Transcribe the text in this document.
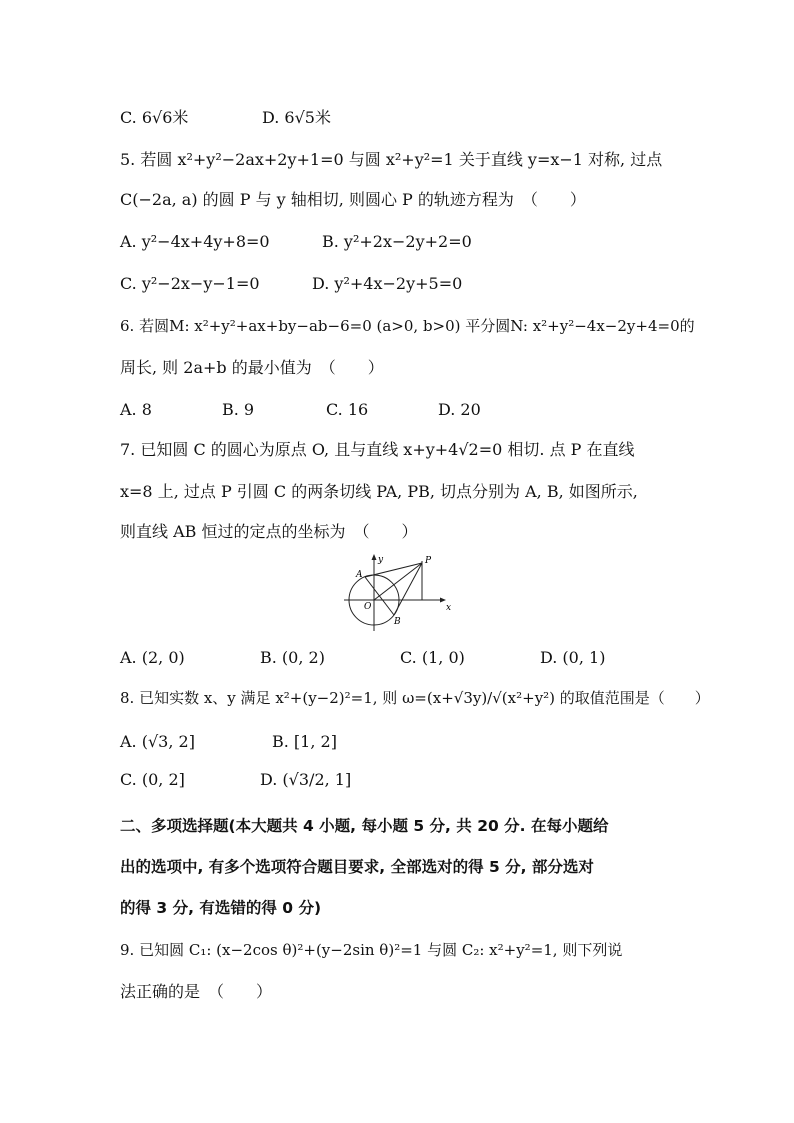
C. 6√6米	D. 6√5米
5. 若圆 x²+y²−2ax+2y+1=0 与圆 x²+y²=1 关于直线 y=x−1 对称, 过点
C(−2a, a) 的圆 P 与 y 轴相切, 则圆心 P 的轨迹方程为　（　　）
A. y²−4x+4y+8=0	B. y²+2x−2y+2=0
C. y²−2x−y−1=0	D. y²+4x−2y+5=0
6. 若圆M: x²+y²+ax+by−ab−6=0 (a>0, b>0) 平分圆N: x²+y²−4x−2y+4=0的
周长, 则 2a+b 的最小值为　（　　）
A. 8	B. 9	C. 16	D. 20
7. 已知圆 C 的圆心为原点 O, 且与直线 x+y+4√2=0 相切. 点 P 在直线
x=8 上, 过点 P 引圆 C 的两条切线 PA, PB, 切点分别为 A, B, 如图所示,
则直线 AB 恒过的定点的坐标为　（　　）
y
x
O
A
B
P
A. (2, 0)	B. (0, 2)	C. (1, 0)	D. (0, 1)
8. 已知实数 x、y 满足 x²+(y−2)²=1, 则 ω=(x+√3y)/√(x²+y²) 的取值范围是（　　）
A. (√3, 2]	B. [1, 2]
C. (0, 2]	D. (√3/2, 1]
二、多项选择题(本大题共 4 小题, 每小题 5 分, 共 20 分. 在每小题给
出的选项中, 有多个选项符合题目要求, 全部选对的得 5 分, 部分选对
的得 3 分, 有选错的得 0 分)
9. 已知圆 C₁: (x−2cos θ)²+(y−2sin θ)²=1 与圆 C₂: x²+y²=1, 则下列说
法正确的是　（　　）
